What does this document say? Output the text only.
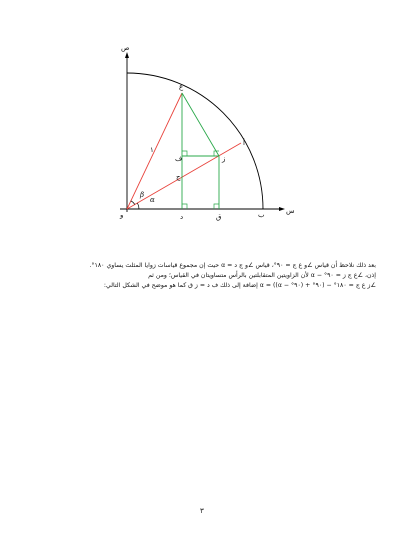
ص
س
و
ع
أ
ز
ف
ج
د	ق	ب
١
α
β
بعد ذلك نلاحظ أن قياس ∠و ع ج = ٩٠°، قياس ∠و ج د = α حيث إن مجموع قياسات زوايا المثلث يساوي ١٨٠°.
إذن، ∠ع ج ز = ٩٠° − α لأن الزاويتين المتقابلتين بالرأس متساويتان في القياس؛ ومن ثم
∠ز ع ج = ١٨٠° − (٩٠° + (٩٠° − α)) = α إضافة إلى ذلك ف د = ز ق كما هو موضح في الشكل التالي:
٣
